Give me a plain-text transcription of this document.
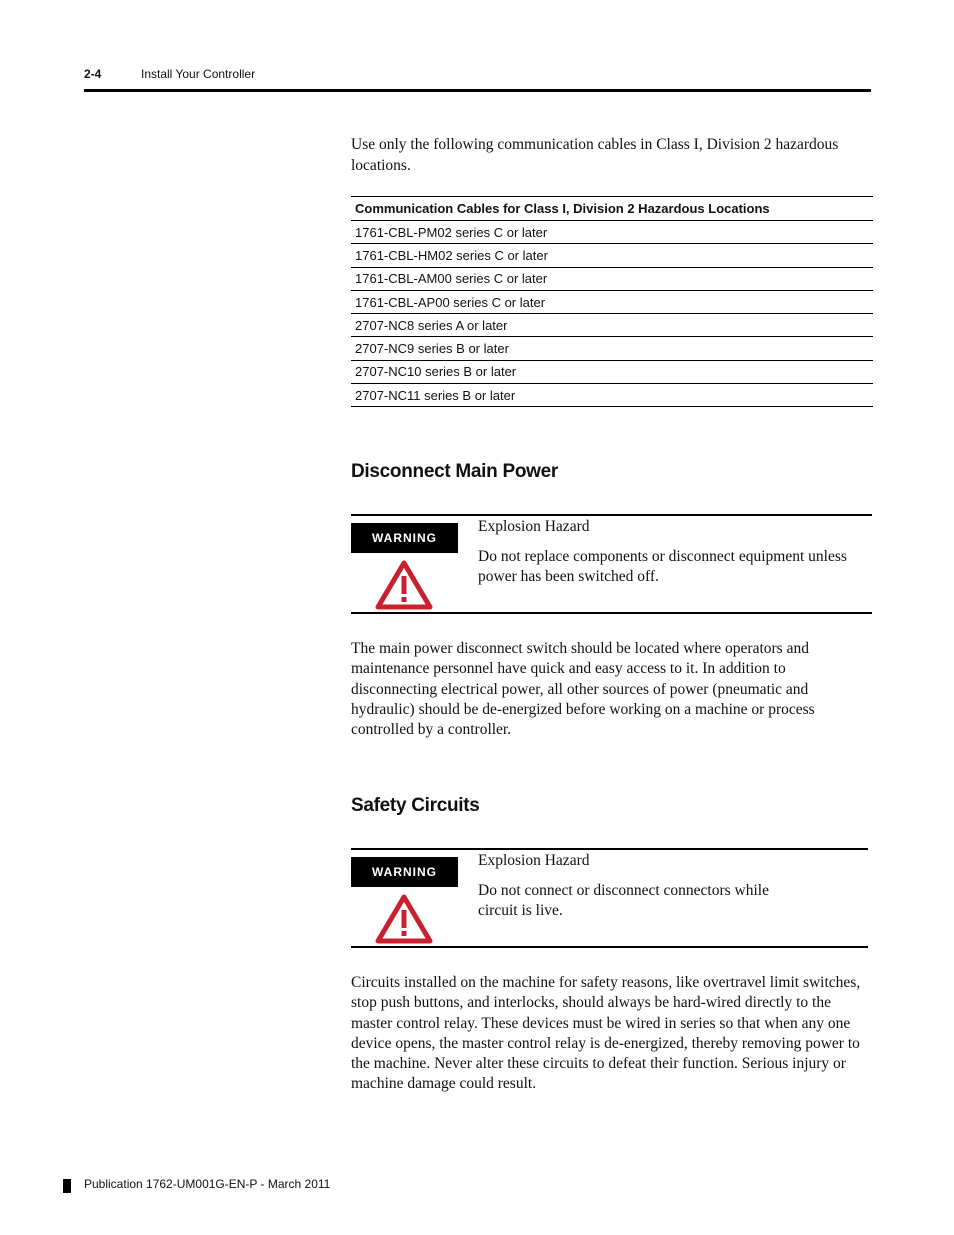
2-4	Install Your Controller
Use only the following communication cables in Class I, Division 2 hazardous locations.
Communication Cables for Class I, Division 2 Hazardous Locations
1761-CBL-PM02 series C or later
1761-CBL-HM02 series C or later
1761-CBL-AM00 series C or later
1761-CBL-AP00 series C or later
2707-NC8 series A or later
2707-NC9 series B or later
2707-NC10 series B or later
2707-NC11 series B or later
Disconnect Main Power
WARNING
Explosion Hazard
Do not replace components or disconnect equipment unless power has been switched off.
The main power disconnect switch should be located where operators and maintenance personnel have quick and easy access to it. In addition to disconnecting electrical power, all other sources of power (pneumatic and hydraulic) should be de-energized before working on a machine or process controlled by a controller.
Safety Circuits
WARNING
Explosion Hazard
Do not connect or disconnect connectors while circuit is live.
Circuits installed on the machine for safety reasons, like overtravel limit switches, stop push buttons, and interlocks, should always be hard-wired directly to the master control relay. These devices must be wired in series so that when any one device opens, the master control relay is de-energized, thereby removing power to the machine. Never alter these circuits to defeat their function. Serious injury or machine damage could result.
Publication 1762-UM001G-EN-P - March 2011
